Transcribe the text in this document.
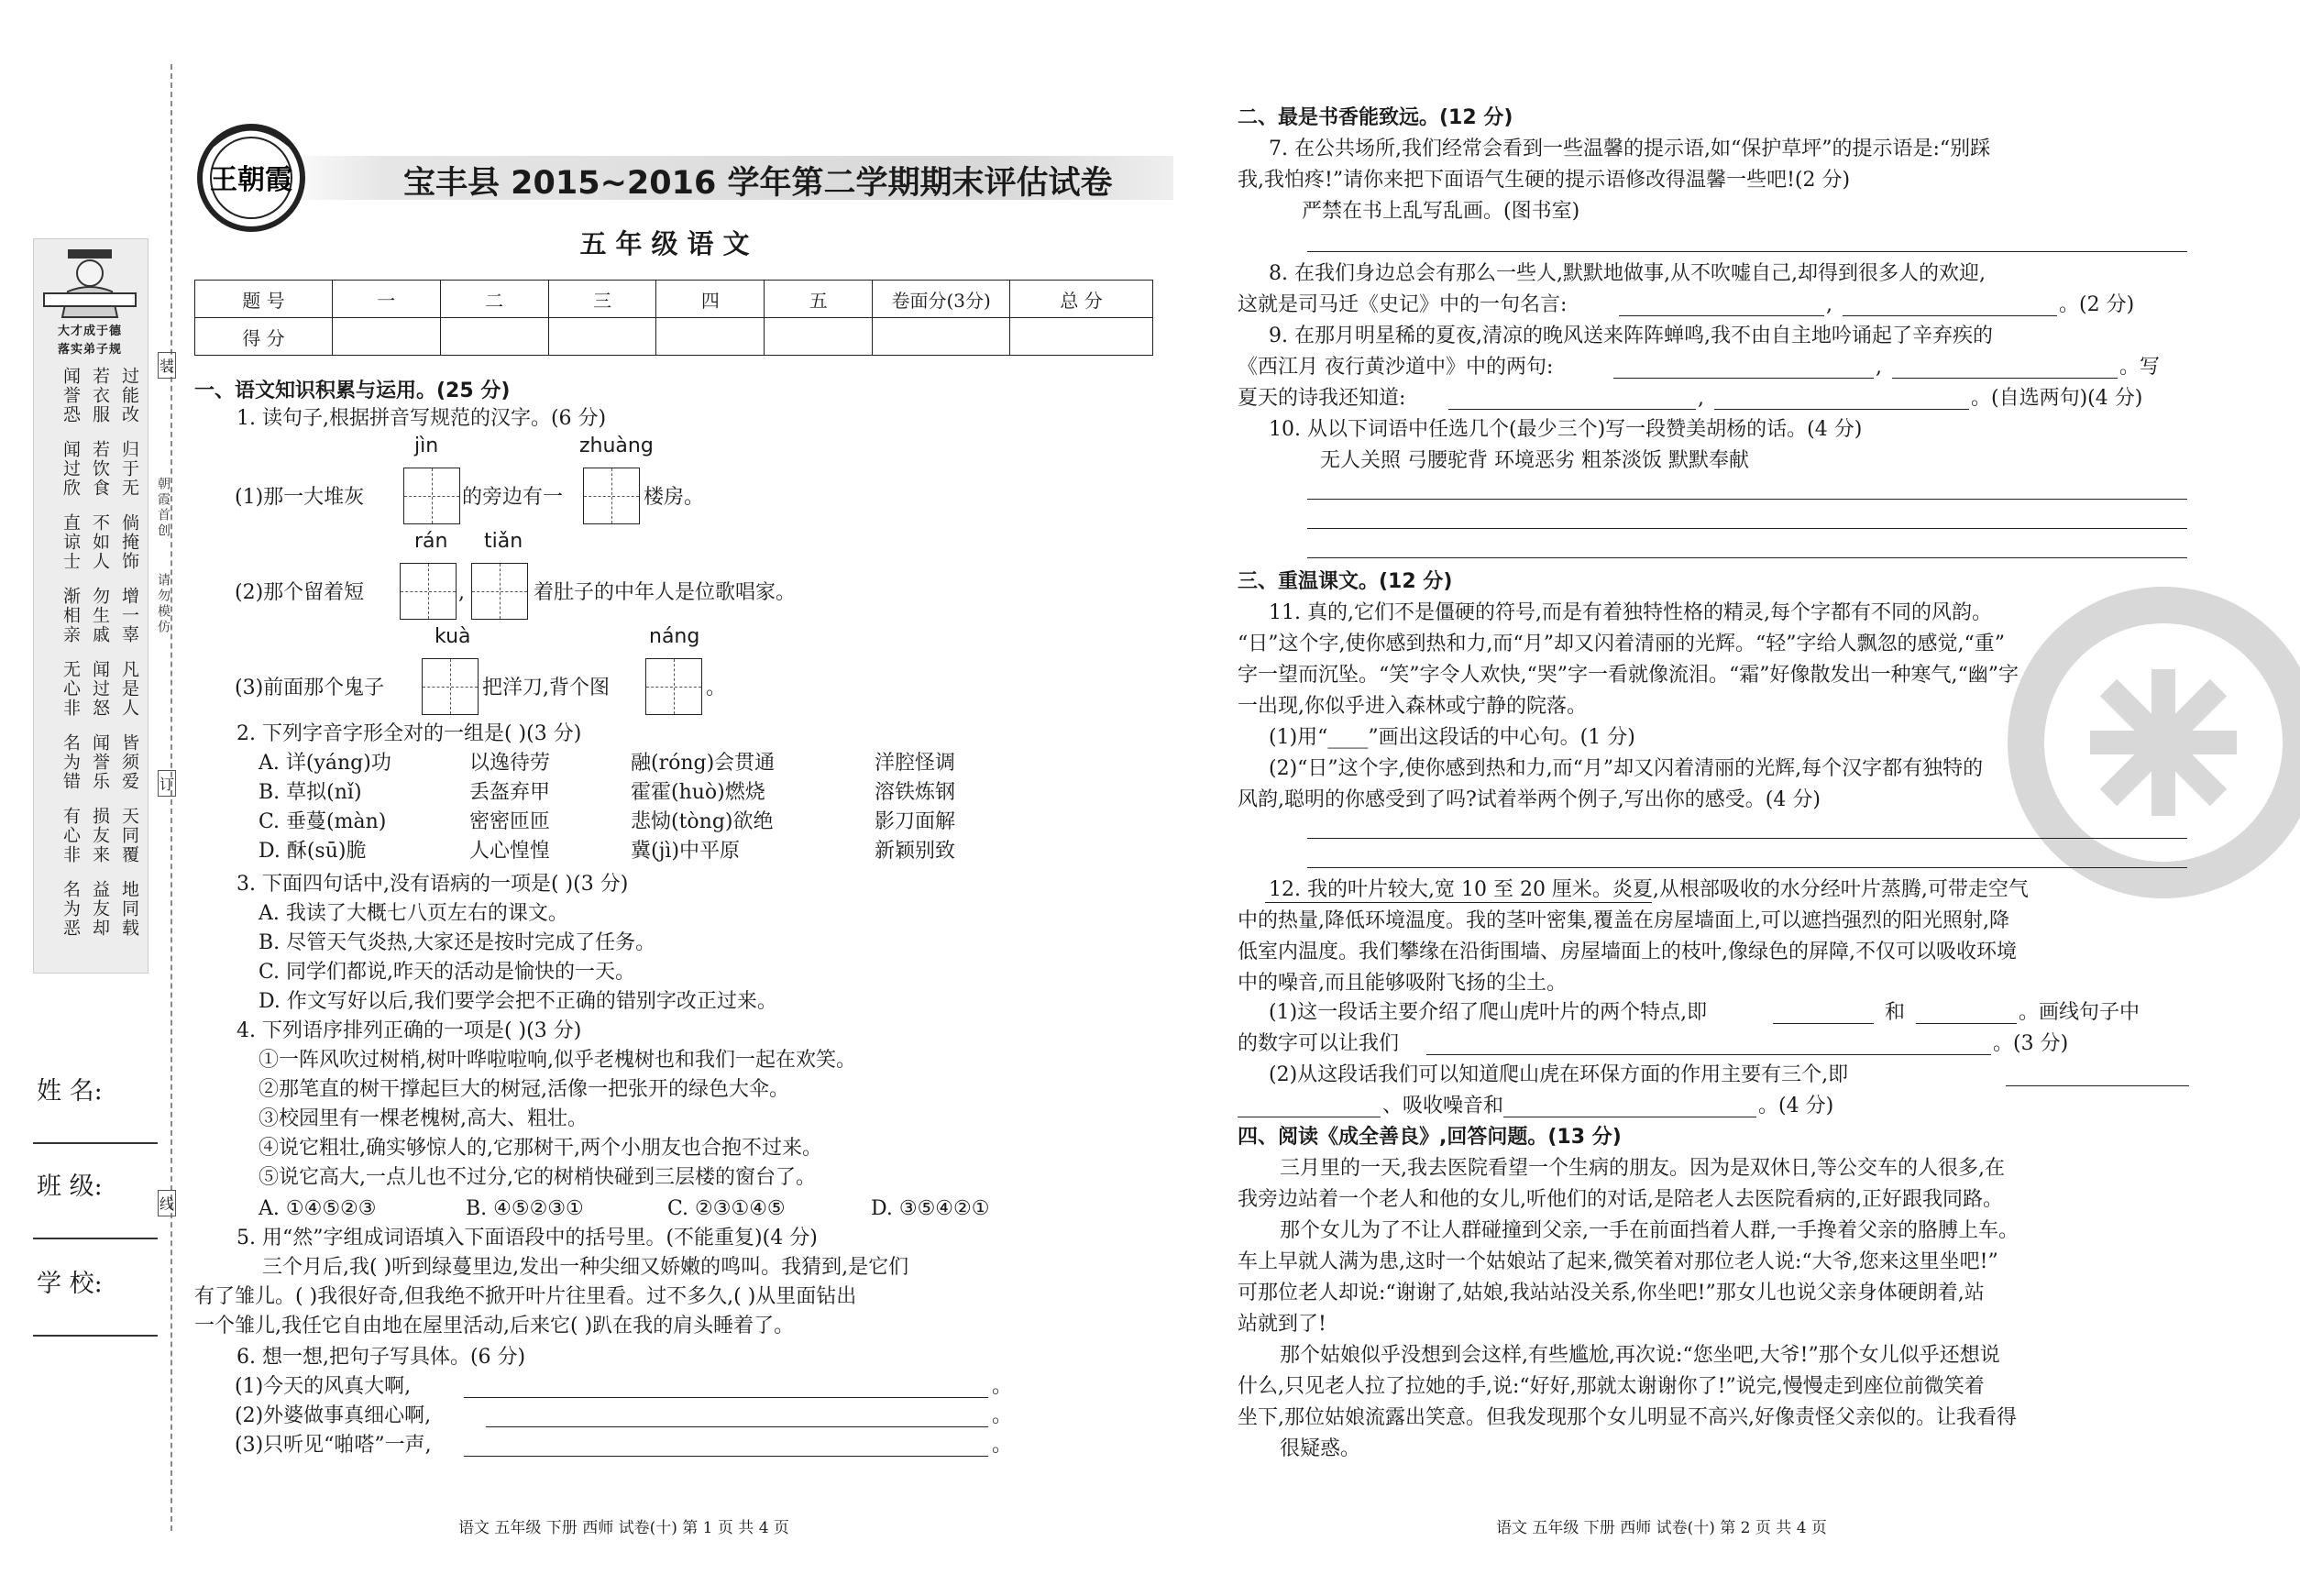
装
订
线
大才成于德
落实弟子规
过能改
若衣服
闻誉恐
归于无
若饮食
闻过欣
倘掩饰
不如人
直谅士
增一辜
勿生戚
渐相亲
凡是人
闻过怒
无心非
皆须爱
闻誉乐
名为错
天同覆
损友来
有心非
地同载
益友却
名为恶
朝霞首创
请勿模仿
姓 名:
班 级:
学 校:
王朝霞	宝丰县 2015~2016 学年第二学期期末评估试卷
五年级语文
题 号	一	二	三	四	五	卷面分(3分)	总 分
得 分							
一、语文知识积累与运用。(25 分)
1. 读句子,根据拼音写规范的汉字。(6 分)
jìn	zhuàng
(1)那一大堆灰	的旁边有一	楼房。
rán tiǎn
(2)那个留着短	,	着肚子的中年人是位歌唱家。
kuà	náng
(3)前面那个鬼子	把洋刀,背个图	。
2. 下列字音字形全对的一组是( )(3 分)
A. 详(yáng)功	以逸待劳	融(róng)会贯通	洋腔怪调
B. 草拟(nǐ)	丢盔弃甲	霍霍(huò)燃烧	溶铁炼钢
C. 垂蔓(màn)	密密匝匝	悲恸(tòng)欲绝	影刀面解
D. 酥(sū)脆	人心惶惶	冀(jì)中平原	新颖别致
3. 下面四句话中,没有语病的一项是( )(3 分)
A. 我读了大概七八页左右的课文。
B. 尽管天气炎热,大家还是按时完成了任务。
C. 同学们都说,昨天的活动是愉快的一天。
D. 作文写好以后,我们要学会把不正确的错别字改正过来。
4. 下列语序排列正确的一项是( )(3 分)
①一阵风吹过树梢,树叶哗啦啦响,似乎老槐树也和我们一起在欢笑。
②那笔直的树干撑起巨大的树冠,活像一把张开的绿色大伞。
③校园里有一棵老槐树,高大、粗壮。
④说它粗壮,确实够惊人的,它那树干,两个小朋友也合抱不过来。
⑤说它高大,一点儿也不过分,它的树梢快碰到三层楼的窗台了。
A. ①④⑤②③	B. ④⑤②③①	C. ②③①④⑤	D. ③⑤④②①
5. 用“然”字组成词语填入下面语段中的括号里。(不能重复)(4 分)
三个月后,我( )听到绿蔓里边,发出一种尖细又娇嫩的鸣叫。我猜到,是它们
有了雏儿。( )我很好奇,但我绝不掀开叶片往里看。过不多久,( )从里面钻出
一个雏儿,我任它自由地在屋里活动,后来它( )趴在我的肩头睡着了。
6. 想一想,把句子写具体。(6 分)
(1)今天的风真大啊,	。
(2)外婆做事真细心啊,	。
(3)只听见“啪嗒”一声,	。
语文 五年级 下册 西师 试卷(十) 第 1 页 共 4 页
二、最是书香能致远。(12 分)
7. 在公共场所,我们经常会看到一些温馨的提示语,如“保护草坪”的提示语是:“别踩
我,我怕疼!”请你来把下面语气生硬的提示语修改得温馨一些吧!(2 分)
严禁在书上乱写乱画。(图书室)
8. 在我们身边总会有那么一些人,默默地做事,从不吹嘘自己,却得到很多人的欢迎,
这就是司马迁《史记》中的一句名言:	,	。(2 分)
9. 在那月明星稀的夏夜,清凉的晚风送来阵阵蝉鸣,我不由自主地吟诵起了辛弃疾的
《西江月 夜行黄沙道中》中的两句:	,	。写
夏天的诗我还知道:	,	。(自选两句)(4 分)
10. 从以下词语中任选几个(最少三个)写一段赞美胡杨的话。(4 分)
无人关照 弓腰驼背 环境恶劣 粗茶淡饭 默默奉献
三、重温课文。(12 分)
11. 真的,它们不是僵硬的符号,而是有着独特性格的精灵,每个字都有不同的风韵。
“日”这个字,使你感到热和力,而“月”却又闪着清丽的光辉。“轻”字给人飘忽的感觉,“重”
字一望而沉坠。“笑”字令人欢快,“哭”字一看就像流泪。“霜”好像散发出一种寒气,“幽”字
一出现,你似乎进入森林或宁静的院落。
(1)用“____”画出这段话的中心句。(1 分)
(2)“日”这个字,使你感到热和力,而“月”却又闪着清丽的光辉,每个汉字都有独特的
风韵,聪明的你感受到了吗?试着举两个例子,写出你的感受。(4 分)
12. 我的叶片较大,宽 10 至 20 厘米。炎夏,从根部吸收的水分经叶片蒸腾,可带走空气
中的热量,降低环境温度。我的茎叶密集,覆盖在房屋墙面上,可以遮挡强烈的阳光照射,降
低室内温度。我们攀缘在沿街围墙、房屋墙面上的枝叶,像绿色的屏障,不仅可以吸收环境
中的噪音,而且能够吸附飞扬的尘土。
(1)这一段话主要介绍了爬山虎叶片的两个特点,即	和	。画线句子中
的数字可以让我们	。(3 分)
(2)从这段话我们可以知道爬山虎在环保方面的作用主要有三个,即
、吸收噪音和	。(4 分)
四、阅读《成全善良》,回答问题。(13 分)
三月里的一天,我去医院看望一个生病的朋友。因为是双休日,等公交车的人很多,在
我旁边站着一个老人和他的女儿,听他们的对话,是陪老人去医院看病的,正好跟我同路。
那个女儿为了不让人群碰撞到父亲,一手在前面挡着人群,一手搀着父亲的胳膊上车。
车上早就人满为患,这时一个姑娘站了起来,微笑着对那位老人说:“大爷,您来这里坐吧!”
可那位老人却说:“谢谢了,姑娘,我站站没关系,你坐吧!”那女儿也说父亲身体硬朗着,站
站就到了!
那个姑娘似乎没想到会这样,有些尴尬,再次说:“您坐吧,大爷!”那个女儿似乎还想说
什么,只见老人拉了拉她的手,说:“好好,那就太谢谢你了!”说完,慢慢走到座位前微笑着
坐下,那位姑娘流露出笑意。但我发现那个女儿明显不高兴,好像责怪父亲似的。让我看得
很疑惑。
语文 五年级 下册 西师 试卷(十) 第 2 页 共 4 页
